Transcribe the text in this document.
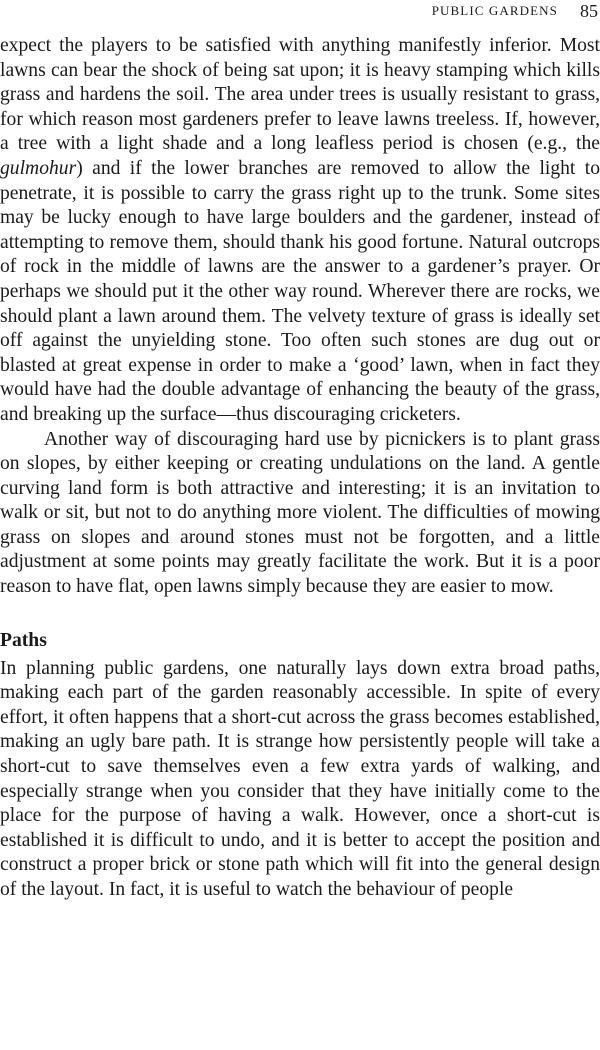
PUBLIC GARDENS 85

expect the players to be satisfied with anything manifestly inferior. Most lawns can bear the shock of being sat upon; it is heavy stamping which kills grass and hardens the soil. The area under trees is usually resistant to grass, for which reason most gardeners prefer to leave lawns treeless. If, however, a tree with a light shade and a long leafless period is chosen (e.g., the gulmohur) and if the lower branches are removed to allow the light to penetrate, it is possible to carry the grass right up to the trunk. Some sites may be lucky enough to have large boulders and the gardener, instead of attempting to remove them, should thank his good fortune. Natural outcrops of rock in the middle of lawns are the answer to a gardener’s prayer. Or perhaps we should put it the other way round. Wherever there are rocks, we should plant a lawn around them. The velvety texture of grass is ideally set off against the unyielding stone. Too often such stones are dug out or blasted at great expense in order to make a ‘good’ lawn, when in fact they would have had the double advantage of enhancing the beauty of the grass, and breaking up the surface—thus discouraging cricketers.

Another way of discouraging hard use by picnickers is to plant grass on slopes, by either keeping or creating undulations on the land. A gentle curving land form is both attractive and interesting; it is an invitation to walk or sit, but not to do anything more violent. The difficulties of mowing grass on slopes and around stones must not be forgotten, and a little adjustment at some points may greatly facilitate the work. But it is a poor reason to have flat, open lawns simply because they are easier to mow.

Paths

In planning public gardens, one naturally lays down extra broad paths, making each part of the garden reasonably accessible. In spite of every effort, it often happens that a short-cut across the grass becomes established, making an ugly bare path. It is strange how persistently people will take a short-cut to save themselves even a few extra yards of walking, and especially strange when you consider that they have initially come to the place for the purpose of having a walk. However, once a short-cut is established it is difficult to undo, and it is better to accept the position and construct a proper brick or stone path which will fit into the general design of the layout. In fact, it is useful to watch the behaviour of people
